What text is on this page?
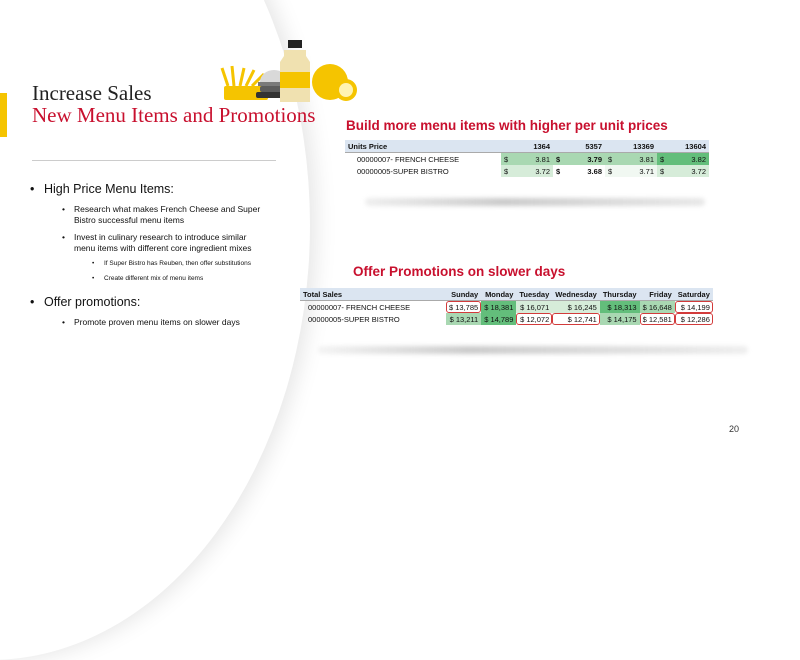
Increase Sales
New Menu Items and Promotions
• High Price Menu Items:
• Research what makes French Cheese and Super Bistro successful menu items
• Invest in culinary research to introduce similar menu items with different core ingredient mixes
• If Super Bistro has Reuben, then offer substitutions
• Create different mix of menu items
• Offer promotions:
• Promote proven menu items on slower days
Build more menu items with higher per unit prices
Units Price	1364		5357		13369		13604	
00000007- FRENCH CHEESE	$	3.81	$	3.79	$	3.81	$	3.82
00000005-SUPER BISTRO	$	3.72	$	3.68	$	3.71	$	3.72
Offer Promotions on slower days
Total Sales	Sunday	Monday	Tuesday	Wednesday	Thursday	Friday	Saturday
00000007- FRENCH CHEESE	$ 13,785	$ 18,381	$ 16,071	$ 16,245	$ 18,313	$ 16,648	$ 14,199
00000005-SUPER BISTRO	$ 13,211	$ 14,789	$ 12,072	$ 12,741	$ 14,175	$ 12,581	$ 12,286
20
